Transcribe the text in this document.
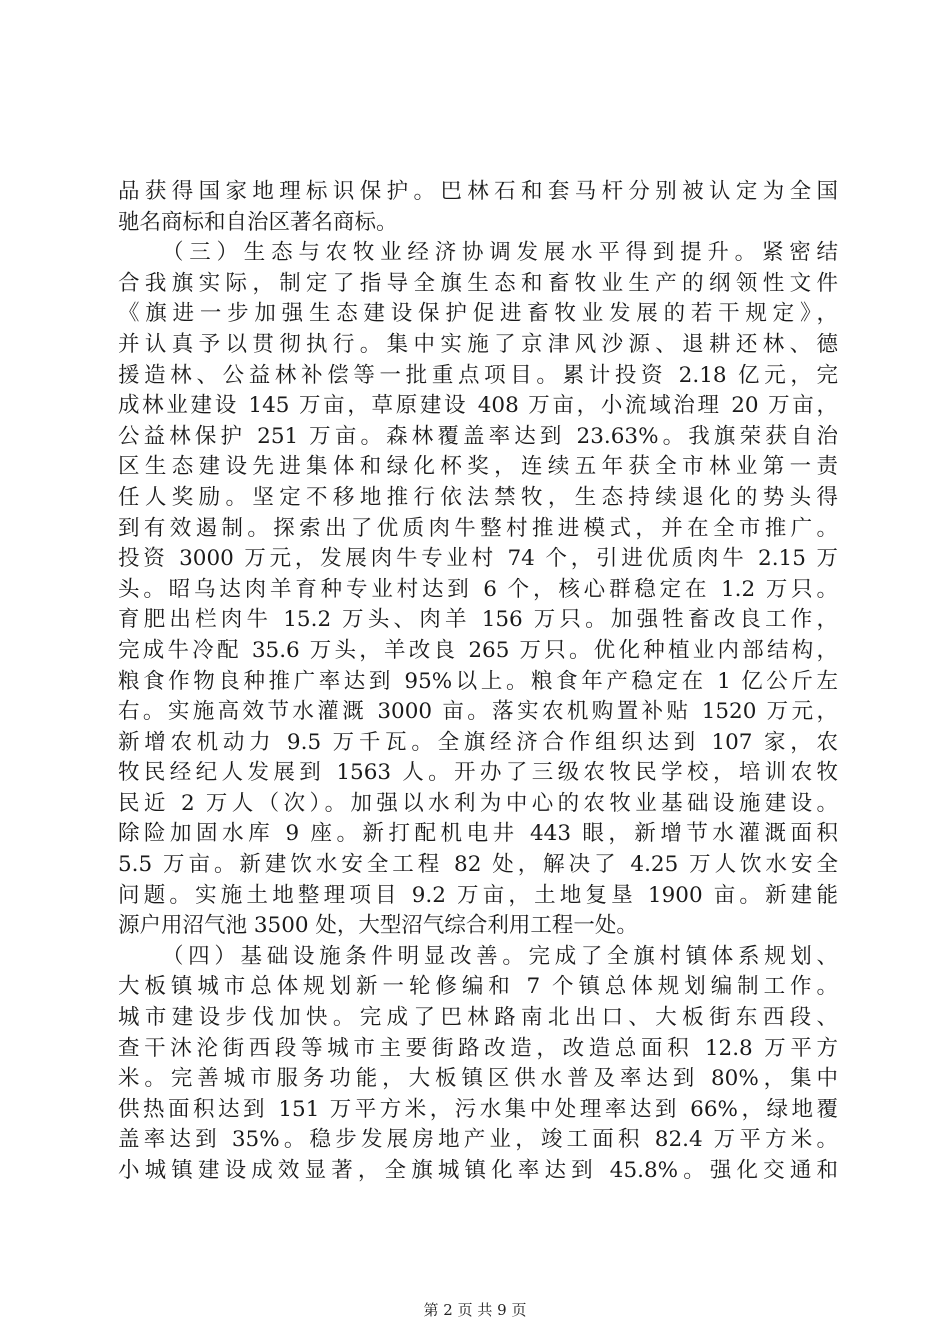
品获得国家地理标识保护。巴林石和套马杆分别被认定为全国
驰名商标和自治区著名商标。
（三）生态与农牧业经济协调发展水平得到提升。紧密结
合我旗实际，制定了指导全旗生态和畜牧业生产的纲领性文件
《旗进一步加强生态建设保护促进畜牧业发展的若干规定》，
并认真予以贯彻执行。集中实施了京津风沙源、退耕还林、德
援造林、公益林补偿等一批重点项目。累计投资 2.18 亿元，完
成林业建设 145 万亩，草原建设 408 万亩，小流域治理 20 万亩，
公益林保护 251 万亩。森林覆盖率达到 23.63%。我旗荣获自治
区生态建设先进集体和绿化杯奖，连续五年获全市林业第一责
任人奖励。坚定不移地推行依法禁牧，生态持续退化的势头得
到有效遏制。探索出了优质肉牛整村推进模式，并在全市推广。
投资 3000 万元，发展肉牛专业村 74 个，引进优质肉牛 2.15 万
头。昭乌达肉羊育种专业村达到 6 个，核心群稳定在 1.2 万只。
育肥出栏肉牛 15.2 万头、肉羊 156 万只。加强牲畜改良工作，
完成牛冷配 35.6 万头，羊改良 265 万只。优化种植业内部结构，
粮食作物良种推广率达到 95%以上。粮食年产稳定在 1 亿公斤左
右。实施高效节水灌溉 3000 亩。落实农机购置补贴 1520 万元，
新增农机动力 9.5 万千瓦。全旗经济合作组织达到 107 家，农
牧民经纪人发展到 1563 人。开办了三级农牧民学校，培训农牧
民近 2 万人（次）。加强以水利为中心的农牧业基础设施建设。
除险加固水库 9 座。新打配机电井 443 眼，新增节水灌溉面积
5.5 万亩。新建饮水安全工程 82 处，解决了 4.25 万人饮水安全
问题。实施土地整理项目 9.2 万亩，土地复垦 1900 亩。新建能
源户用沼气池 3500 处，大型沼气综合利用工程一处。
（四）基础设施条件明显改善。完成了全旗村镇体系规划、
大板镇城市总体规划新一轮修编和 7 个镇总体规划编制工作。
城市建设步伐加快。完成了巴林路南北出口、大板街东西段、
查干沐沦街西段等城市主要街路改造，改造总面积 12.8 万平方
米。完善城市服务功能，大板镇区供水普及率达到 80%，集中
供热面积达到 151 万平方米，污水集中处理率达到 66%，绿地覆
盖率达到 35%。稳步发展房地产业，竣工面积 82.4 万平方米。
小城镇建设成效显著，全旗城镇化率达到 45.8%。强化交通和
第 2 页 共 9 页
